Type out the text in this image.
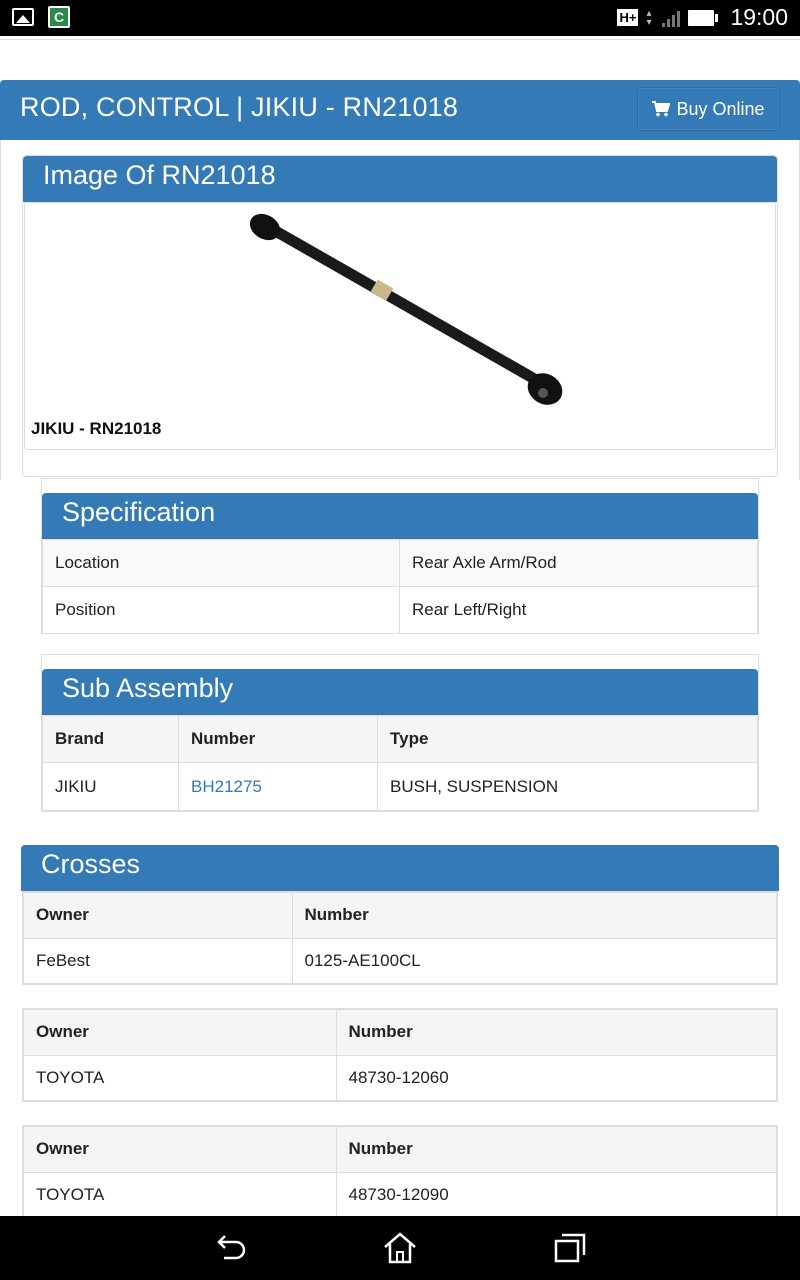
C	H+ ▴
▾	19:00
ROD, CONTROL | JIKIU - RN21018	Buy Online
Image Of RN21018
JIKIU - RN21018
Specification
Location	Rear Axle Arm/Rod
Position	Rear Left/Right
Sub Assembly
Brand	Number	Type
JIKIU	BH21275	BUSH, SUSPENSION
Crosses
Owner	Number
FeBest	0125-AE100CL
Owner	Number
TOYOTA	48730-12060
Owner	Number
TOYOTA	48730-12090
